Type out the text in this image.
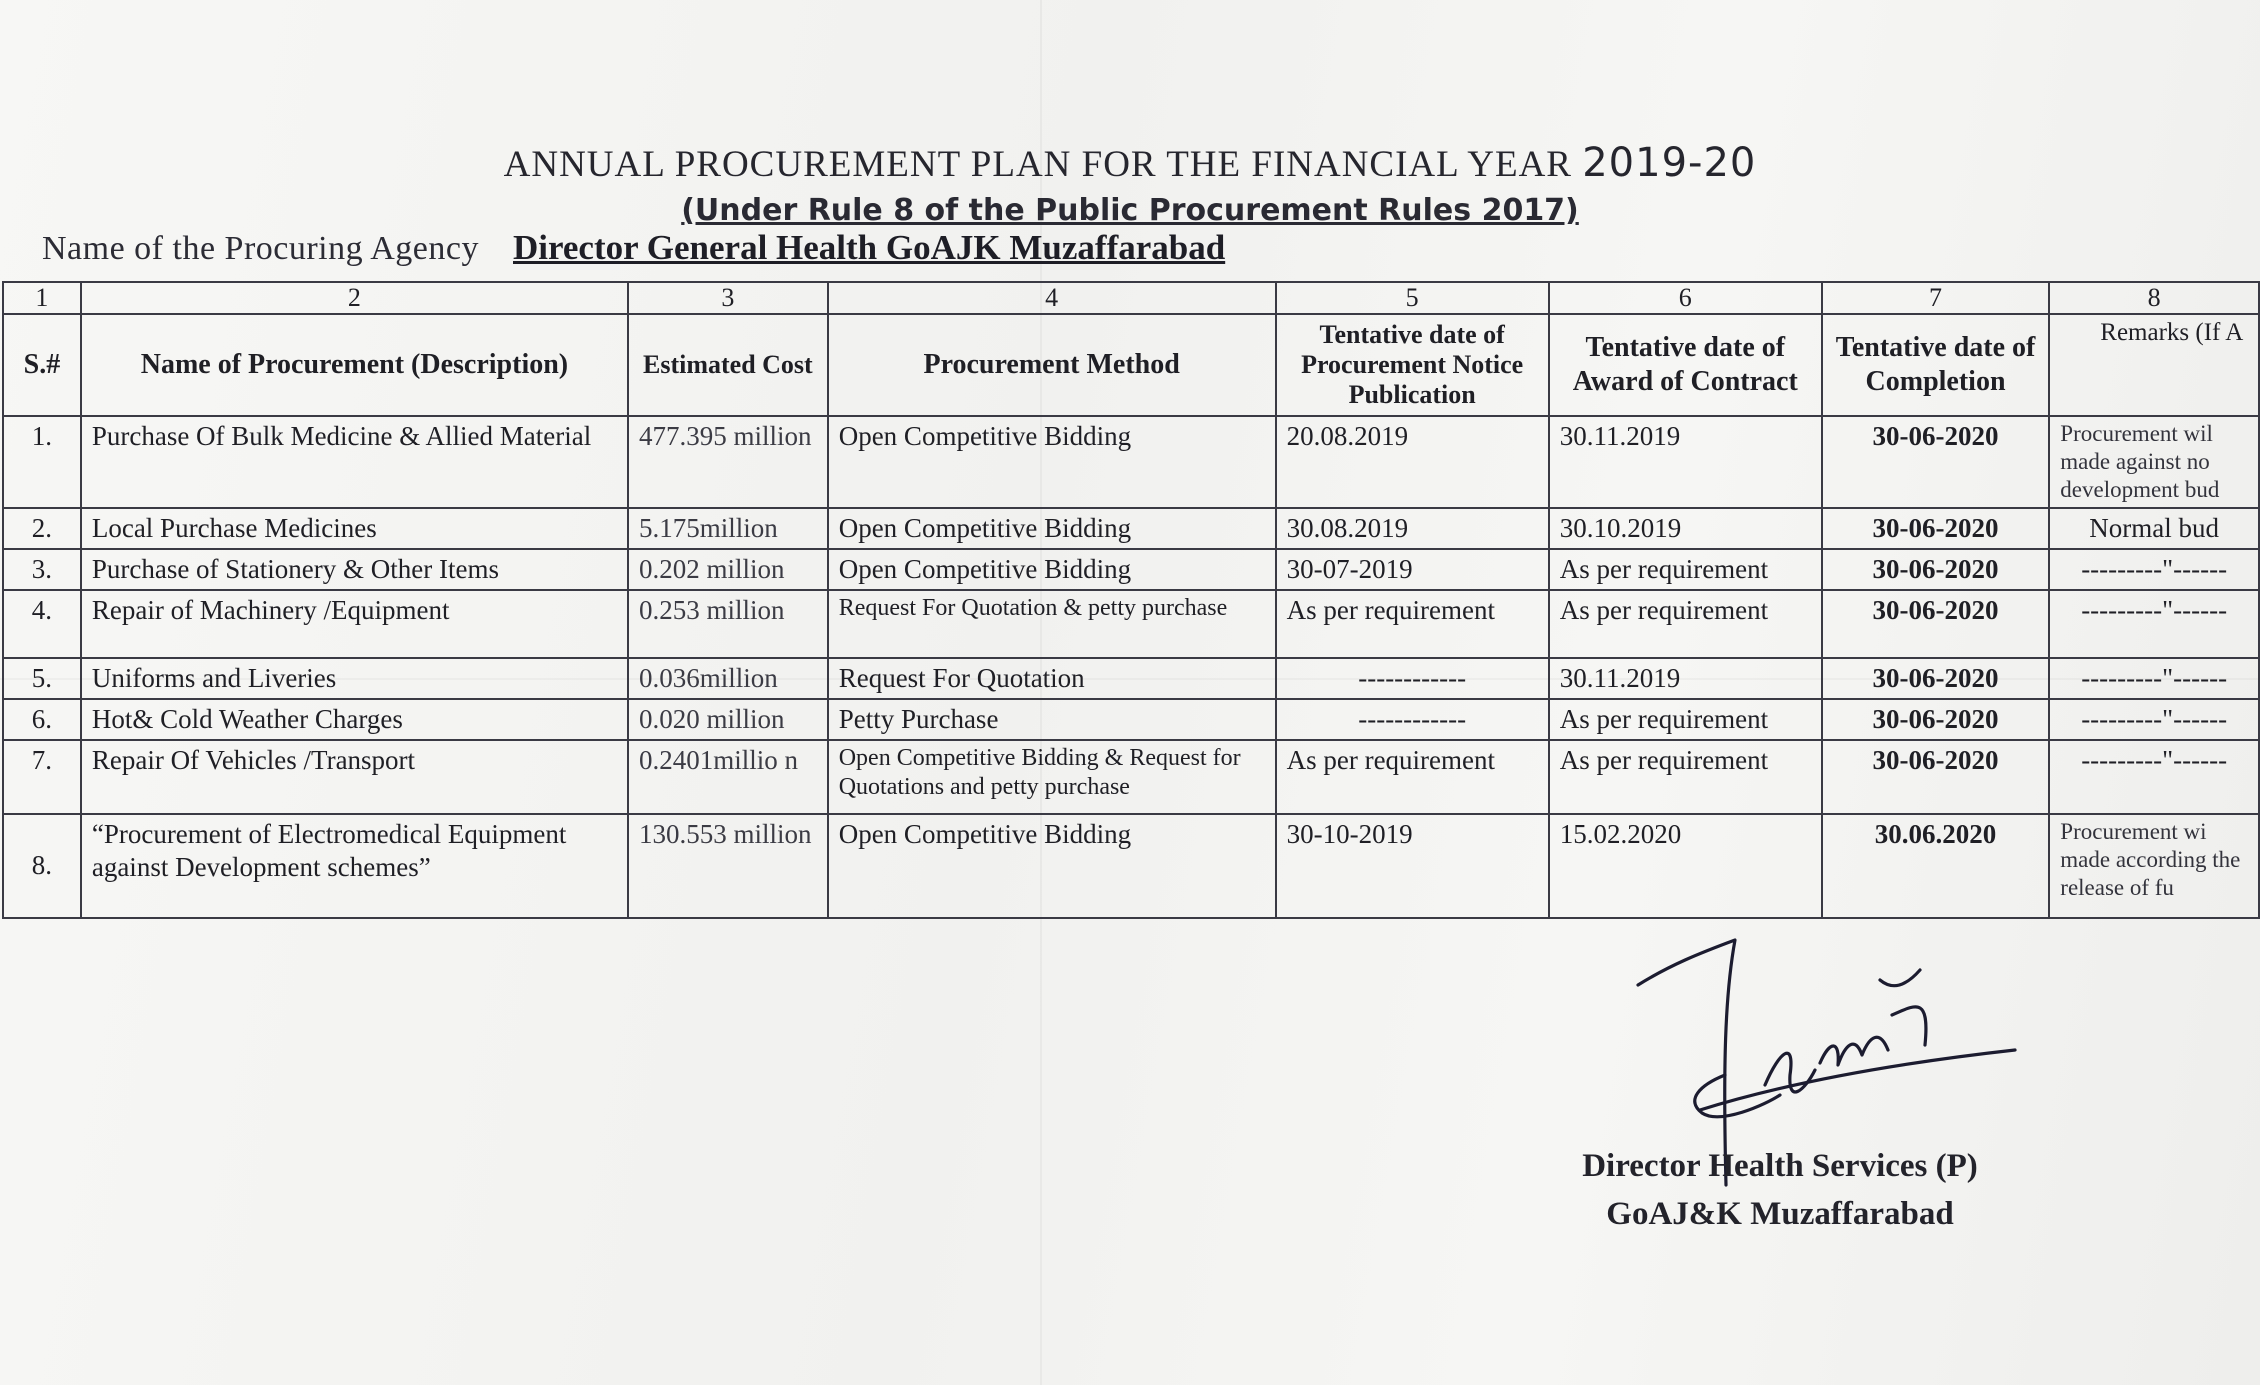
ANNUAL PROCUREMENT PLAN FOR THE FINANCIAL YEAR 2019-20
(Under Rule 8 of the Public Procurement Rules 2017)
Name of the Procuring Agency Director General Health GoAJK Muzaffarabad
1	2	3	4	5	6	7	8
S.#	Name of Procurement (Description)	Estimated Cost	Procurement Method	Tentative date of Procurement Notice Publication	Tentative date of Award of Contract	Tentative date of Completion	Remarks (If A
1.	Purchase Of Bulk Medicine & Allied Material	477.395 million	Open Competitive Bidding	20.08.2019	30.11.2019	30-06-2020	Procurement wil made against no development bud
2.	Local Purchase Medicines	5.175million	Open Competitive Bidding	30.08.2019	30.10.2019	30-06-2020	Normal bud
3.	Purchase of Stationery & Other Items	0.202 million	Open Competitive Bidding	30-07-2019	As per requirement	30-06-2020	---------"------
4.	Repair of Machinery /Equipment	0.253 million	Request For Quotation & petty purchase	As per requirement	As per requirement	30-06-2020	---------"------
5.	Uniforms and Liveries	0.036million	Request For Quotation	------------	30.11.2019	30-06-2020	---------"------
6.	Hot& Cold Weather Charges	0.020 million	Petty Purchase	------------	As per requirement	30-06-2020	---------"------
7.	Repair Of Vehicles /Transport	0.2401millio n	Open Competitive Bidding & Request for Quotations and petty purchase	As per requirement	As per requirement	30-06-2020	---------"------
8.	“Procurement of Electromedical Equipment against Development schemes”	130.553 million	Open Competitive Bidding	30-10-2019	15.02.2020	30.06.2020	Procurement wi made according the release of fu
Director Health Services (P)
GoAJ&K Muzaffarabad
